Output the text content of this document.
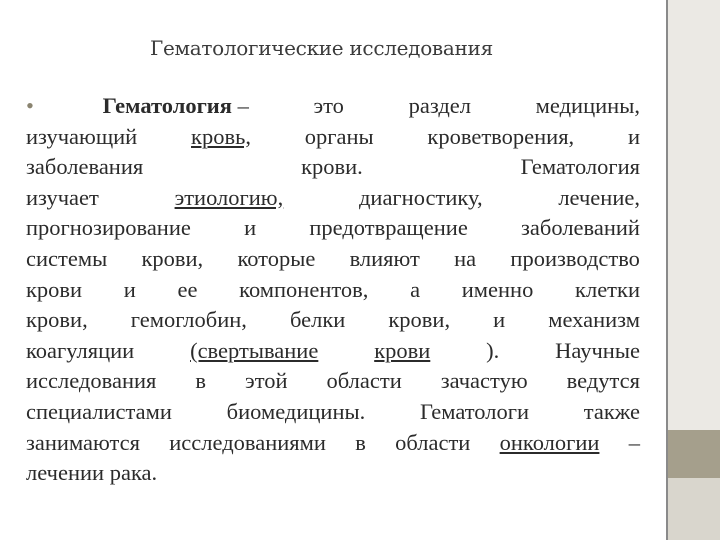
Гематологические исследования
•	Гематология –	это	раздел	медицины,
изучающий кровь, органы кроветворения, и
заболевания	крови.	Гематология
изучает	этиологию,	диагностику,	лечение,
прогнозирование и предотвращение заболеваний
системы крови, которые влияют на производство
крови и ее компонентов, а именно клетки
крови, гемоглобин, белки крови, и механизм
коагуляции (свертывание крови ). Научные
исследования в этой области зачастую ведутся
специалистами биомедицины. Гематологи также
занимаются исследованиями в области онкологии –
лечении рака.
